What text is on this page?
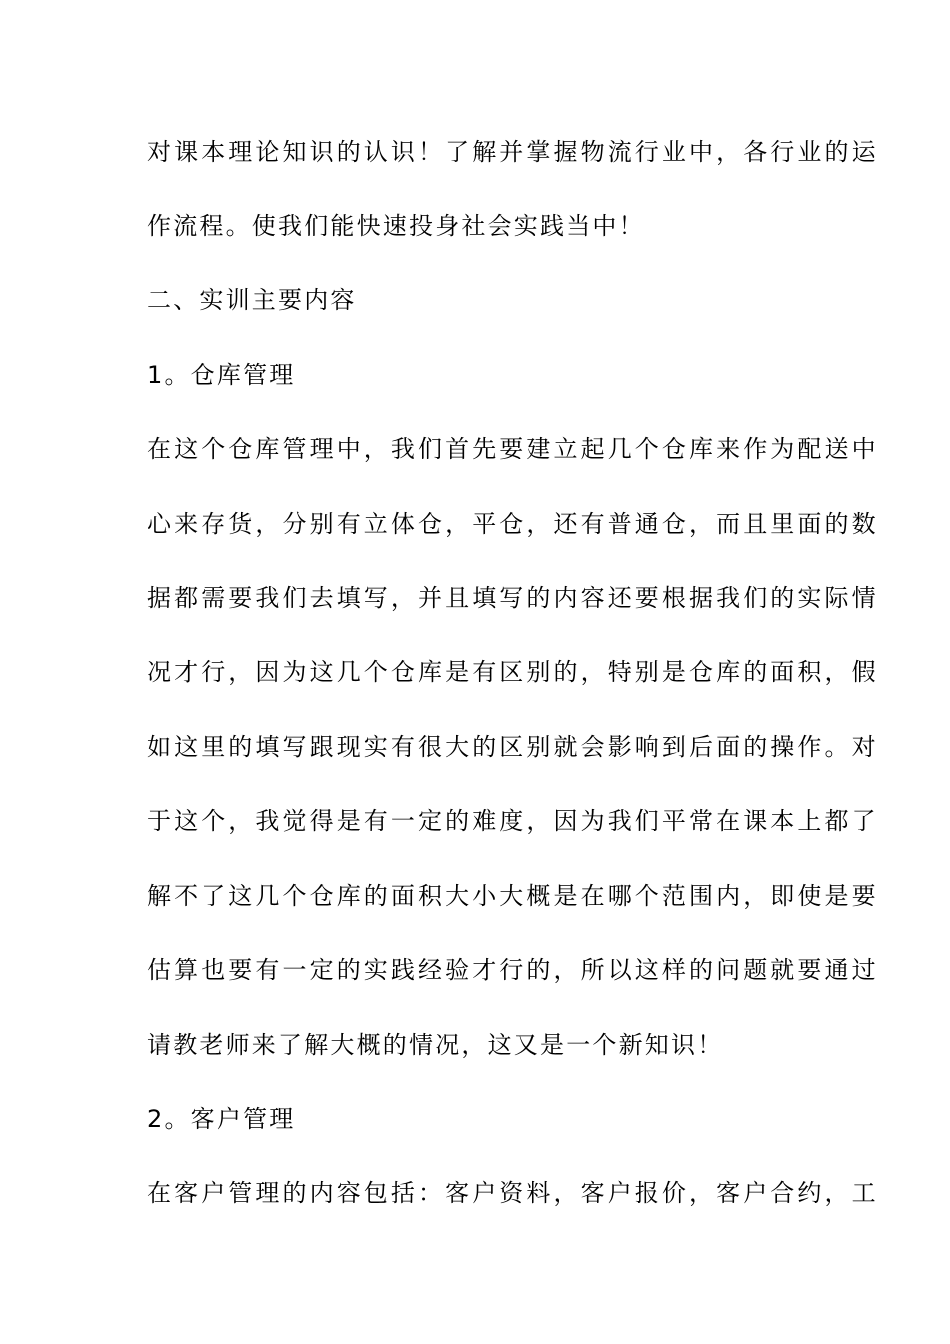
对课本理论知识的认识！了解并掌握物流行业中，各行业的运

作流程。使我们能快速投身社会实践当中！

二、实训主要内容

1。仓库管理

在这个仓库管理中，我们首先要建立起几个仓库来作为配送中

心来存货，分别有立体仓，平仓，还有普通仓，而且里面的数

据都需要我们去填写，并且填写的内容还要根据我们的实际情

况才行，因为这几个仓库是有区别的，特别是仓库的面积，假

如这里的填写跟现实有很大的区别就会影响到后面的操作。对

于这个，我觉得是有一定的难度，因为我们平常在课本上都了

解不了这几个仓库的面积大小大概是在哪个范围内，即使是要

估算也要有一定的实践经验才行的，所以这样的问题就要通过

请教老师来了解大概的情况，这又是一个新知识！

2。客户管理

在客户管理的内容包括：客户资料，客户报价，客户合约，工
